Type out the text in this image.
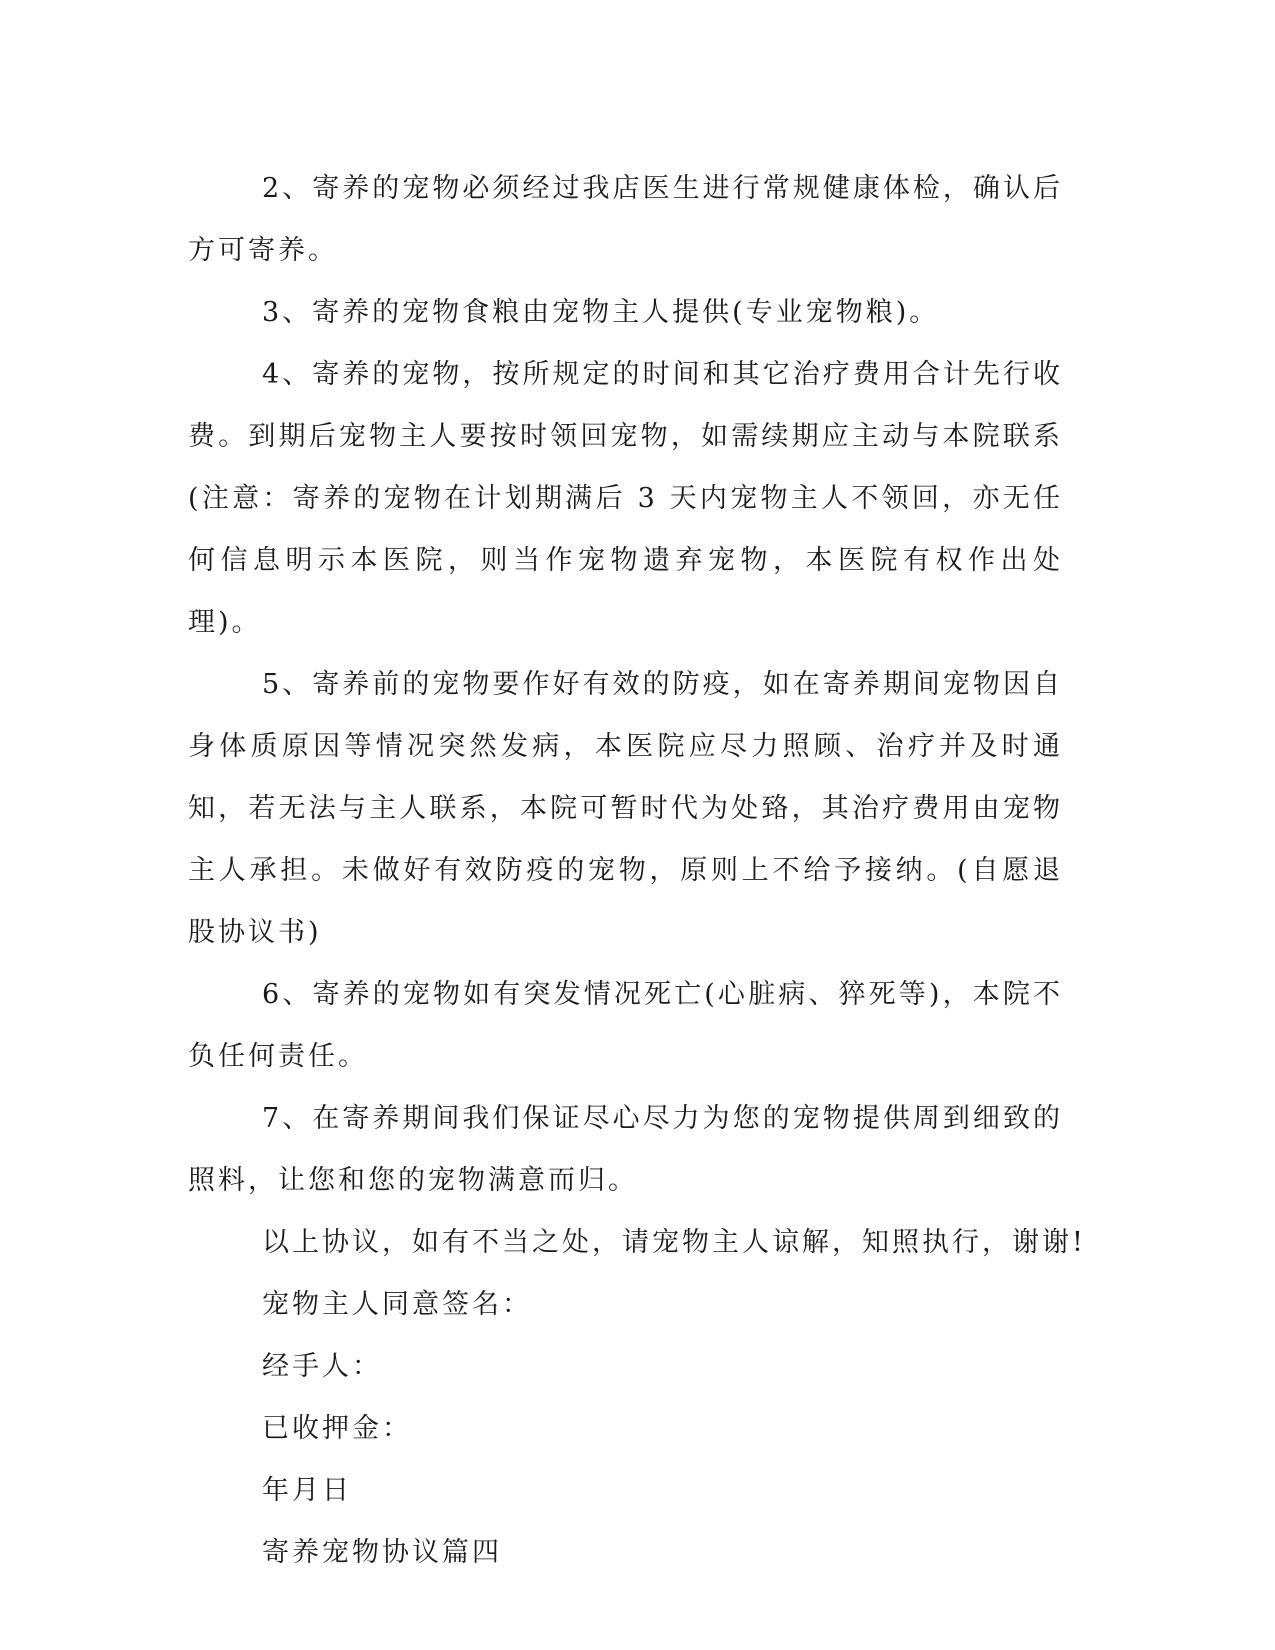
2、寄养的宠物必须经过我店医生进行常规健康体检，确认后方可寄养。

3、寄养的宠物食粮由宠物主人提供(专业宠物粮)。

4、寄养的宠物，按所规定的时间和其它治疗费用合计先行收费。到期后宠物主人要按时领回宠物，如需续期应主动与本院联系(注意：寄养的宠物在计划期满后 3 天内宠物主人不领回，亦无任何信息明示本医院，则当作宠物遗弃宠物，本医院有权作出处理)。

5、寄养前的宠物要作好有效的防疫，如在寄养期间宠物因自身体质原因等情况突然发病，本医院应尽力照顾、治疗并及时通知，若无法与主人联系，本院可暂时代为处臵，其治疗费用由宠物主人承担。未做好有效防疫的宠物，原则上不给予接纳。(自愿退股协议书)

6、寄养的宠物如有突发情况死亡(心脏病、猝死等)，本院不负任何责任。

7、在寄养期间我们保证尽心尽力为您的宠物提供周到细致的照料，让您和您的宠物满意而归。

以上协议，如有不当之处，请宠物主人谅解，知照执行，谢谢!

宠物主人同意签名：

经手人：

已收押金：

年月日

寄养宠物协议篇四
